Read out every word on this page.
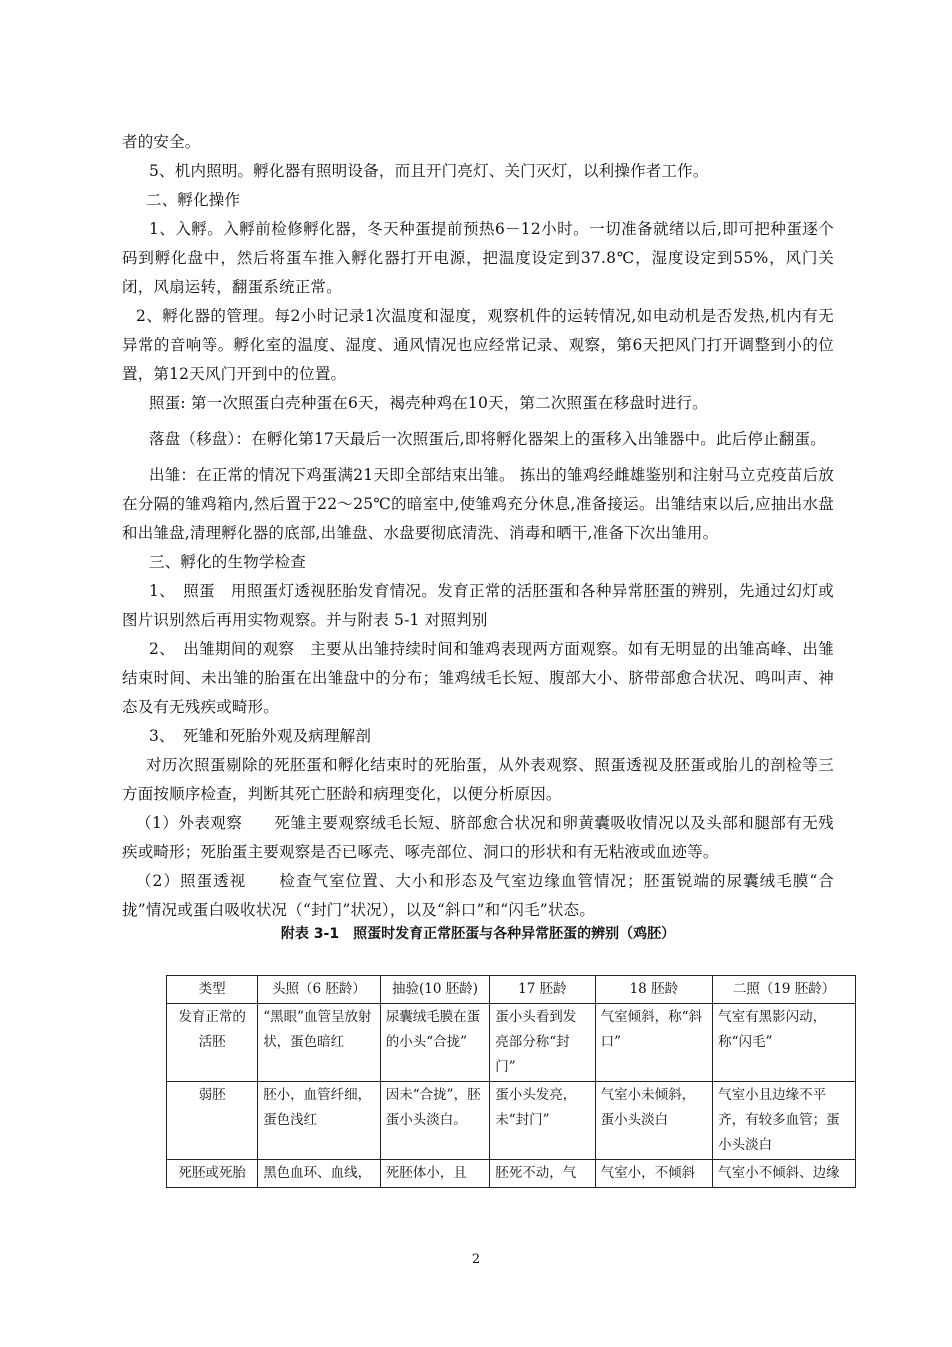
者的安全。

5、机内照明。孵化器有照明设备，而且开门亮灯、关门灭灯，以利操作者工作。

二、孵化操作

1、入孵。入孵前检修孵化器，冬天种蛋提前预热6－12小时。一切准备就绪以后,即可把种蛋逐个码到孵化盘中，然后将蛋车推入孵化器打开电源，把温度设定到37.8℃，湿度设定到55%，风门关闭，风扇运转，翻蛋系统正常。

2、孵化器的管理。每2小时记录1次温度和湿度，观察机件的运转情况,如电动机是否发热,机内有无异常的音响等。孵化室的温度、湿度、通风情况也应经常记录、观察，第6天把风门打开调整到小的位置，第12天风门开到中的位置。

照蛋: 第一次照蛋白壳种蛋在6天，褐壳种鸡在10天，第二次照蛋在移盘时进行。

落盘（移盘）：在孵化第17天最后一次照蛋后,即将孵化器架上的蛋移入出雏器中。此后停止翻蛋。

出雏：在正常的情况下鸡蛋满21天即全部结束出雏。 拣出的雏鸡经雌雄鉴别和注射马立克疫苗后放在分隔的雏鸡箱内,然后置于22～25℃的暗室中,使雏鸡充分休息,准备接运。出雏结束以后,应抽出水盘和出雏盘,清理孵化器的底部,出雏盘、水盘要彻底清洗、消毒和晒干,准备下次出雏用。

三、孵化的生物学检查

1、　照蛋　用照蛋灯透视胚胎发育情况。发育正常的活胚蛋和各种异常胚蛋的辨别，先通过幻灯或图片识别然后再用实物观察。并与附表 5-1 对照判别

2、　出雏期间的观察　主要从出雏持续时间和雏鸡表现两方面观察。如有无明显的出雏高峰、出雏结束时间、未出雏的胎蛋在出雏盘中的分布；雏鸡绒毛长短、腹部大小、脐带部愈合状况、鸣叫声、神态及有无残疾或畸形。

3、　死雏和死胎外观及病理解剖

对历次照蛋剔除的死胚蛋和孵化结束时的死胎蛋，从外表观察、照蛋透视及胚蛋或胎儿的剖检等三方面按顺序检查，判断其死亡胚龄和病理变化，以便分析原因。

（1）外表观察　　死雏主要观察绒毛长短、脐部愈合状况和卵黄囊吸收情况以及头部和腿部有无残疾或畸形；死胎蛋主要观察是否已啄壳、啄壳部位、洞口的形状和有无粘液或血迹等。

（2）照蛋透视　　检查气室位置、大小和形态及气室边缘血管情况；胚蛋锐端的尿囊绒毛膜“合拢”情况或蛋白吸收状况（“封门”状况），以及“斜口”和“闪毛”状态。

附表 3-1　照蛋时发育正常胚蛋与各种异常胚蛋的辨别（鸡胚）

类型	头照（6 胚龄）	抽验(10 胚龄)	17 胚龄	18 胚龄	二照（19 胚龄）
发育正常的活胚	“黑眼”血管呈放射状，蛋色暗红	尿囊绒毛膜在蛋的小头“合拢”	蛋小头看到发亮部分称“封门”	气室倾斜，称“斜口”	气室有黑影闪动，称“闪毛”
弱胚	胚小，血管纤细，蛋色浅红	因未“合拢”，胚蛋小头淡白。	蛋小头发亮，未“封门”	气室小未倾斜，蛋小头淡白	气室小且边缘不平齐，有较多血管；蛋小头淡白
死胚或死胎	黑色血环、血线，	死胚体小，且	胚死不动，气	气室小，不倾斜	气室小不倾斜、边缘
2
